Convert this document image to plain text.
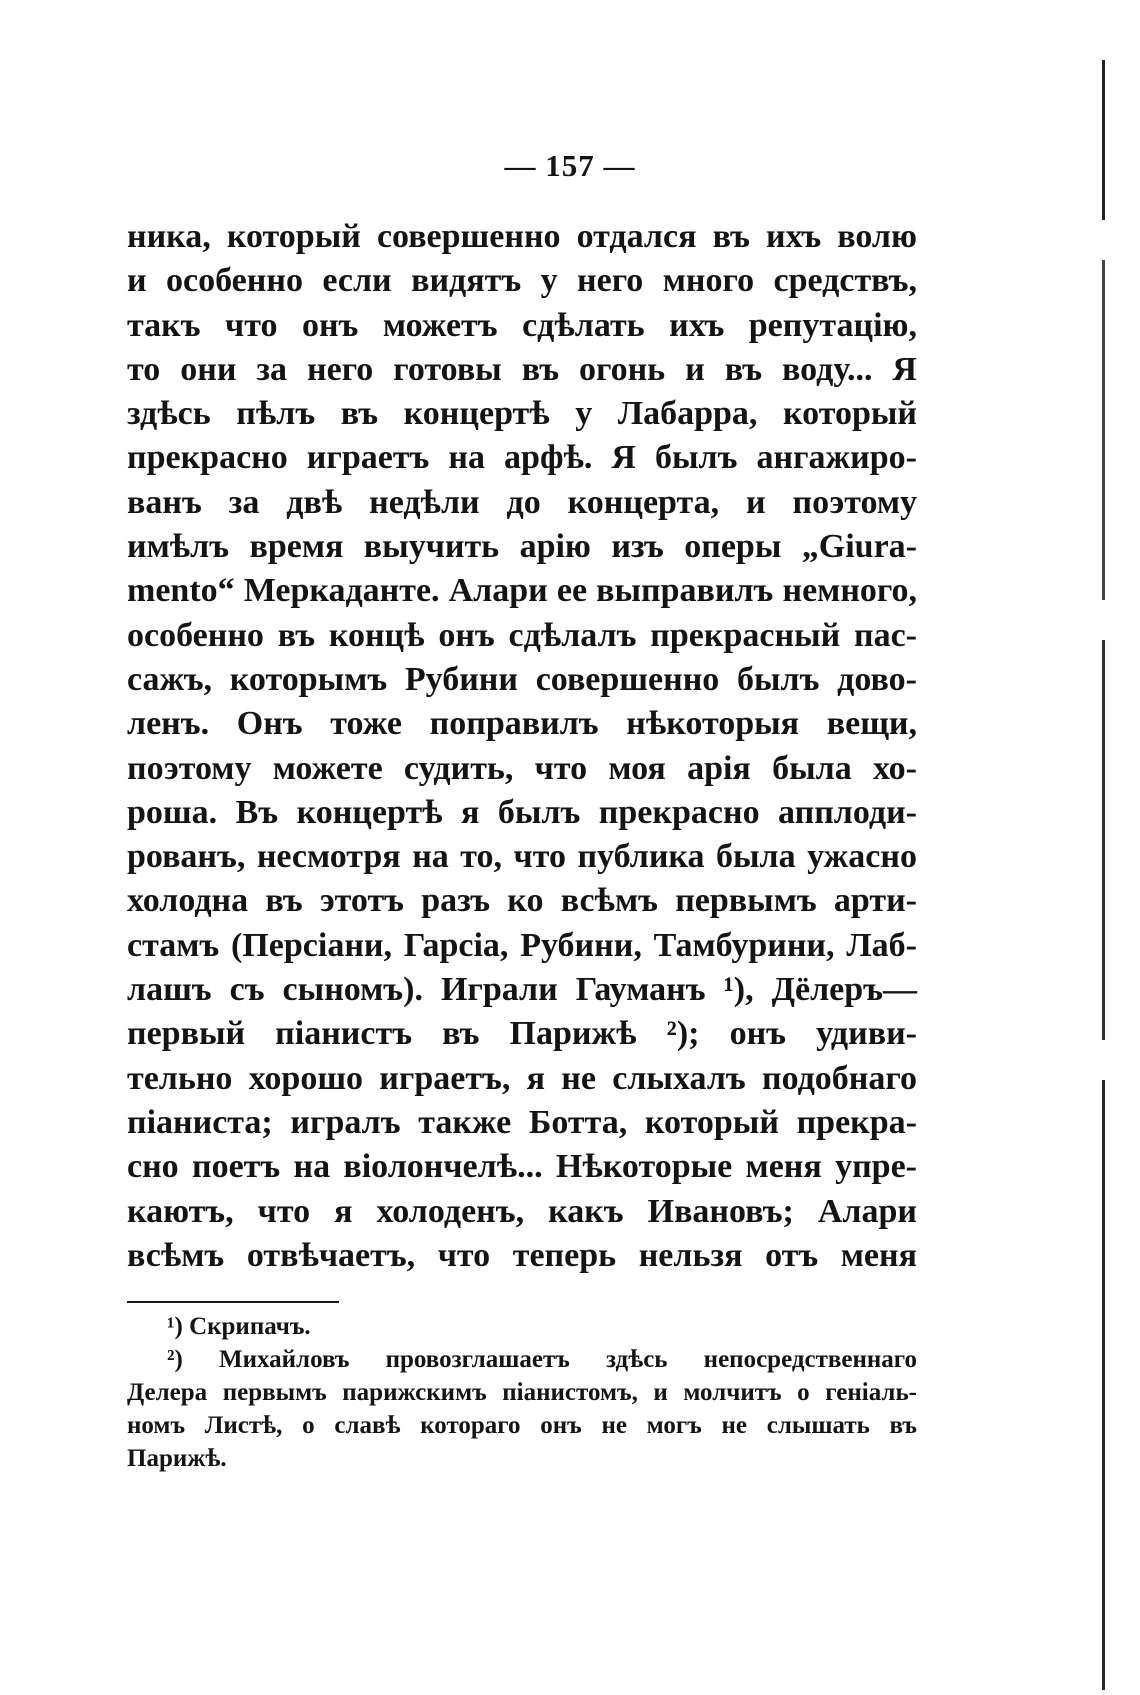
— 157 —
ника, который совершенно отдался въ ихъ волю
и особенно если видятъ у него много средствъ,
такъ что онъ можетъ сдѣлать ихъ репутацію,
то они за него готовы въ огонь и въ воду... Я
здѣсь пѣлъ въ концертѣ у Лабарра, который
прекрасно играетъ на арфѣ. Я былъ ангажиро-
ванъ за двѣ недѣли до концерта, и поэтому
имѣлъ время выучить арію изъ оперы „Giura-
mento“ Меркаданте. Алари ее выправилъ немного,
особенно въ концѣ онъ сдѣлалъ прекрасный пас-
сажъ, которымъ Рубини совершенно былъ дово-
ленъ. Онъ тоже поправилъ нѣкоторыя вещи,
поэтому можете судить, что моя арія была хо-
роша. Въ концертѣ я былъ прекрасно апплоди-
рованъ, несмотря на то, что публика была ужасно
холодна въ этотъ разъ ко всѣмъ первымъ арти-
стамъ (Персіани, Гарсіа, Рубини, Тамбурини, Лаб-
лашъ съ сыномъ). Играли Гауманъ ¹), Дёлеръ—
первый піанистъ въ Парижѣ ²); онъ удиви-
тельно хорошо играетъ, я не слыхалъ подобнаго
піаниста; игралъ также Ботта, который прекра-
сно поетъ на віолончелѣ... Нѣкоторые меня упре-
каютъ, что я холоденъ, какъ Ивановъ; Алари
всѣмъ отвѣчаетъ, что теперь нельзя отъ меня
¹) Скрипачъ.
²) Михайловъ провозглашаетъ здѣсь непосредственнаго
Делера первымъ парижскимъ піанистомъ, и молчитъ о геніаль-
номъ Листѣ, о славѣ котораго онъ не могъ не слышать въ
Парижѣ.
